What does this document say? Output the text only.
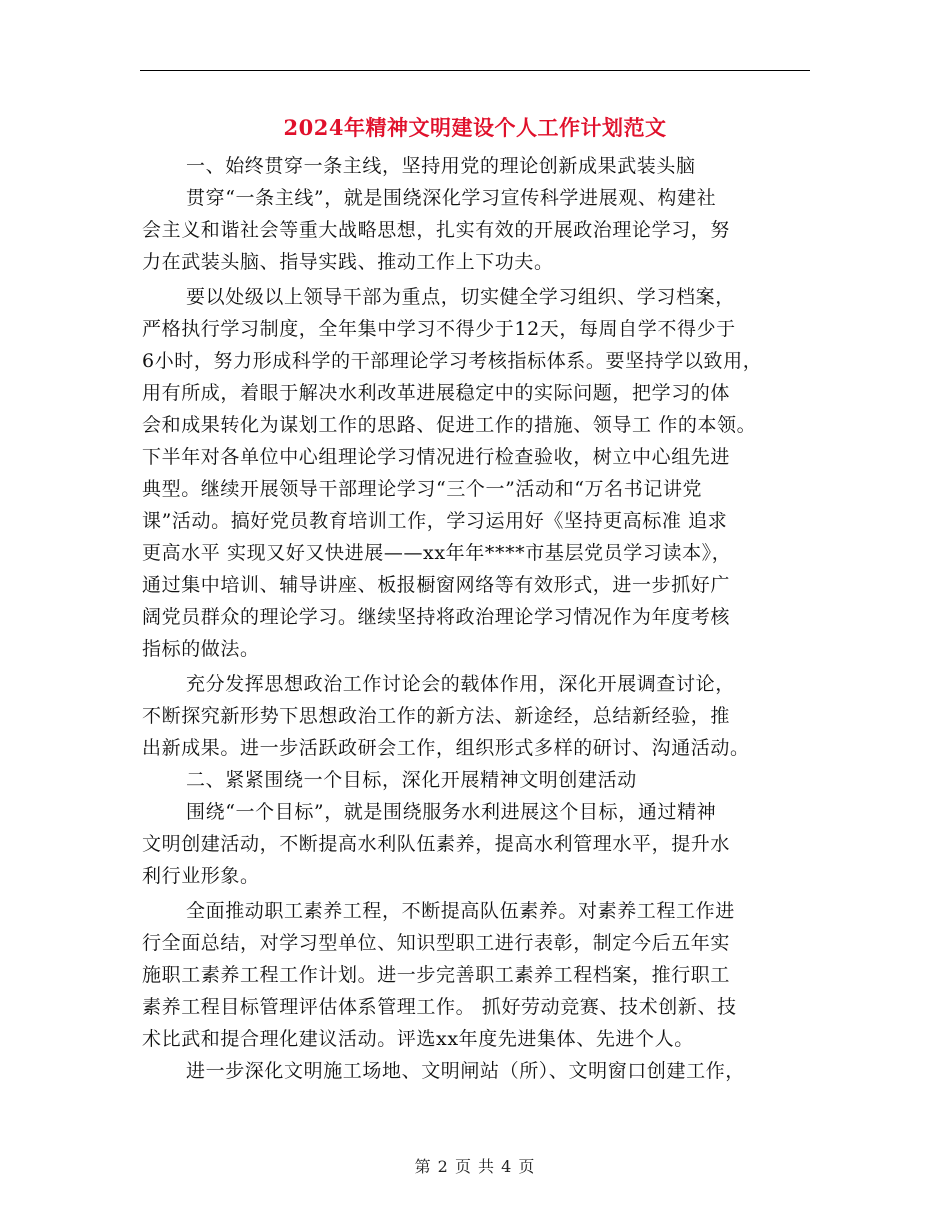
2024年精神文明建设个人工作计划范文
一、始终贯穿一条主线，坚持用党的理论创新成果武装头脑
贯穿“一条主线”，就是围绕深化学习宣传科学进展观、构建社
会主义和谐社会等重大战略思想，扎实有效的开展政治理论学习，努
力在武装头脑、指导实践、推动工作上下功夫。
要以处级以上领导干部为重点，切实健全学习组织、学习档案，
严格执行学习制度，全年集中学习不得少于12天，每周自学不得少于
6小时，努力形成科学的干部理论学习考核指标体系。要坚持学以致用，
用有所成，着眼于解决水利改革进展稳定中的实际问题，把学习的体
会和成果转化为谋划工作的思路、促进工作的措施、领导工 作的本领。
下半年对各单位中心组理论学习情况进行检查验收，树立中心组先进
典型。继续开展领导干部理论学习“三个一”活动和“万名书记讲党
课”活动。搞好党员教育培训工作，学习运用好《坚持更高标准 追求
更高水平 实现又好又快进展——xx年年****市基层党员学习读本》，
通过集中培训、辅导讲座、板报橱窗网络等有效形式，进一步抓好广
阔党员群众的理论学习。继续坚持将政治理论学习情况作为年度考核
指标的做法。
充分发挥思想政治工作讨论会的载体作用，深化开展调查讨论，
不断探究新形势下思想政治工作的新方法、新途经，总结新经验，推
出新成果。进一步活跃政研会工作，组织形式多样的研讨、沟通活动。
二、紧紧围绕一个目标，深化开展精神文明创建活动
围绕“一个目标”，就是围绕服务水利进展这个目标，通过精神
文明创建活动，不断提高水利队伍素养，提高水利管理水平，提升水
利行业形象。
全面推动职工素养工程，不断提高队伍素养。对素养工程工作进
行全面总结，对学习型单位、知识型职工进行表彰，制定今后五年实
施职工素养工程工作计划。进一步完善职工素养工程档案，推行职工
素养工程目标管理评估体系管理工作。 抓好劳动竞赛、技术创新、技
术比武和提合理化建议活动。评选xx年度先进集体、先进个人。
进一步深化文明施工场地、文明闸站（所）、文明窗口创建工作，
第 2 页 共 4 页
